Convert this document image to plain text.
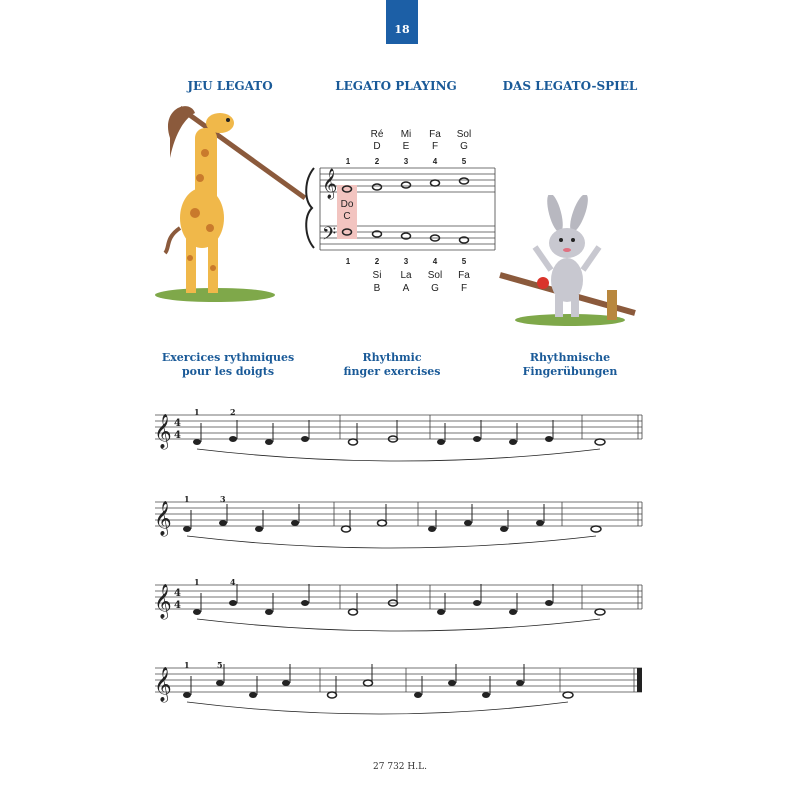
18
JEU LEGATO	LEGATO PLAYING	DAS LEGATO-SPIEL
𝄞
𝄢
1	2	3	4	5
Ré	Mi	Fa	Sol
D	E	F	G
Do
C
1	2	3	4	5
Si	La	Sol	Fa
B	A	G	F
Exercices rythmiques
pour les doigts
Rhythmic
finger exercises
Rhythmische
Fingerübungen
𝄞 4
4
1	2
𝄞
1	3
𝄞 4
4
1	4
𝄞
1	5
27 732 H.L.
